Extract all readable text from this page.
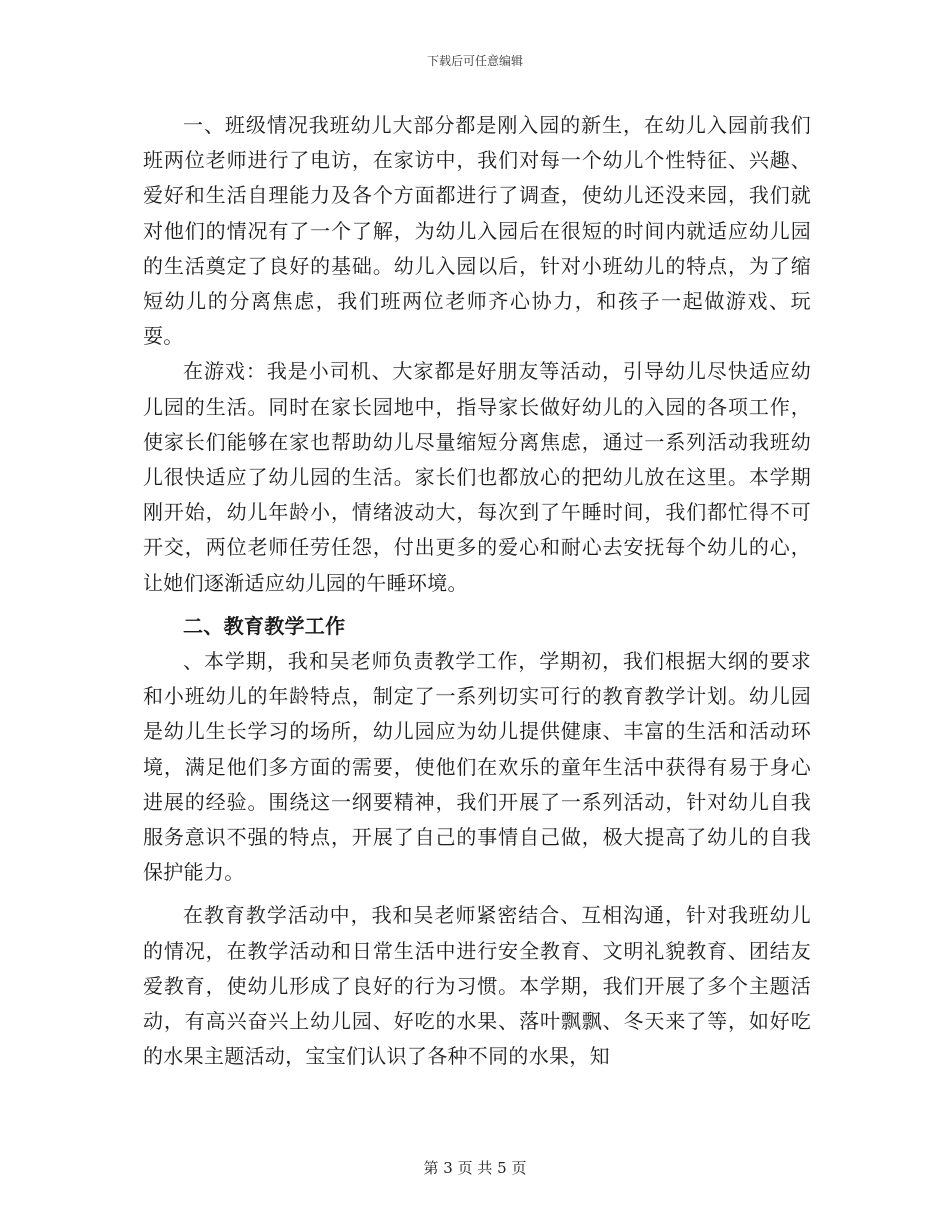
下载后可任意编辑

一、班级情况我班幼儿大部分都是刚入园的新生，在幼儿入园前我们班两位老师进行了电访，在家访中，我们对每一个幼儿个性特征、兴趣、爱好和生活自理能力及各个方面都进行了调查，使幼儿还没来园，我们就对他们的情况有了一个了解，为幼儿入园后在很短的时间内就适应幼儿园的生活奠定了良好的基础。幼儿入园以后，针对小班幼儿的特点，为了缩短幼儿的分离焦虑，我们班两位老师齐心协力，和孩子一起做游戏、玩耍。

在游戏：我是小司机、大家都是好朋友等活动，引导幼儿尽快适应幼儿园的生活。同时在家长园地中，指导家长做好幼儿的入园的各项工作，使家长们能够在家也帮助幼儿尽量缩短分离焦虑，通过一系列活动我班幼儿很快适应了幼儿园的生活。家长们也都放心的把幼儿放在这里。本学期刚开始，幼儿年龄小，情绪波动大，每次到了午睡时间，我们都忙得不可开交，两位老师任劳任怨，付出更多的爱心和耐心去安抚每个幼儿的心，让她们逐渐适应幼儿园的午睡环境。

二、教育教学工作

、本学期，我和吴老师负责教学工作，学期初，我们根据大纲的要求和小班幼儿的年龄特点，制定了一系列切实可行的教育教学计划。幼儿园是幼儿生长学习的场所，幼儿园应为幼儿提供健康、丰富的生活和活动环境，满足他们多方面的需要，使他们在欢乐的童年生活中获得有易于身心进展的经验。围绕这一纲要精神，我们开展了一系列活动，针对幼儿自我服务意识不强的特点，开展了自己的事情自己做，极大提高了幼儿的自我保护能力。

在教育教学活动中，我和吴老师紧密结合、互相沟通，针对我班幼儿的情况，在教学活动和日常生活中进行安全教育、文明礼貌教育、团结友爱教育，使幼儿形成了良好的行为习惯。本学期，我们开展了多个主题活动，有高兴奋兴上幼儿园、好吃的水果、落叶飘飘、冬天来了等，如好吃的水果主题活动，宝宝们认识了各种不同的水果，知

第 3 页 共 5 页
